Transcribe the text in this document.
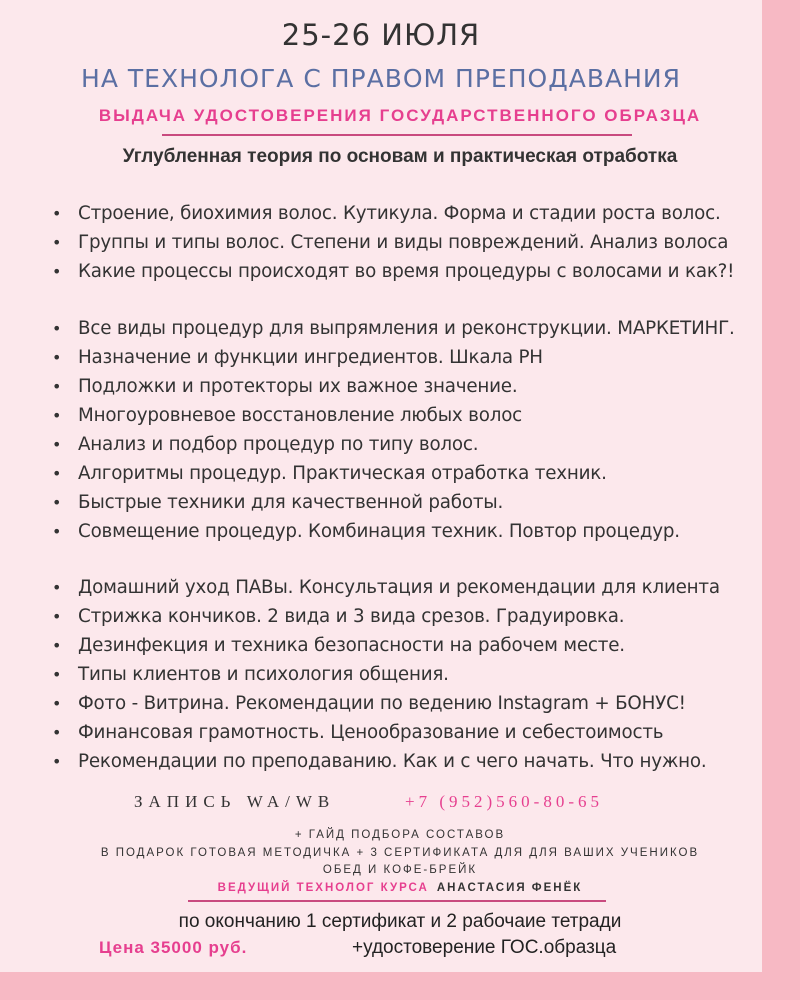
25-26 ИЮЛЯ
НА ТЕХНОЛОГА С ПРАВОМ ПРЕПОДАВАНИЯ
ВЫДАЧА УДОСТОВЕРЕНИЯ ГОСУДАРСТВЕННОГО ОБРАЗЦА
Углубленная теория по основам и практическая отработка
• Строение, биохимия волос. Кутикула. Форма и стадии роста волос.
• Группы и типы волос. Степени и виды повреждений. Анализ волоса
• Какие процессы происходят во время процедуры с волосами и как?!
• Все виды процедур для выпрямления и реконструкции. МАРКЕТИНГ.
• Назначение и функции ингредиентов. Шкала PH
• Подложки и протекторы их важное значение.
• Многоуровневое восстановление любых волос
• Анализ и подбор процедур по типу волос.
• Алгоритмы процедур. Практическая отработка техник.
• Быстрые техники для качественной работы.
• Совмещение процедур. Комбинация техник. Повтор процедур.
• Домашний уход ПАВы. Консультация и рекомендации для клиента
• Стрижка кончиков. 2 вида и 3 вида срезов. Градуировка.
• Дезинфекция и техника безопасности на рабочем месте.
• Типы клиентов и психология общения.
• Фото - Витрина. Рекомендации по ведению Instagram + БОНУС!
• Финансовая грамотность. Ценообразование и себестоимость
• Рекомендации по преподаванию. Как и с чего начать. Что нужно.
ЗАПИСЬ WA/WB	+7 (952)560-80-65
+ ГАЙД ПОДБОРА СОСТАВОВ
В ПОДАРОК ГОТОВАЯ МЕТОДИЧКА + 3 СЕРТИФИКАТА ДЛЯ ДЛЯ ВАШИХ УЧЕНИКОВ
ОБЕД И КОФЕ-БРЕЙК
ВЕДУЩИЙ ТЕХНОЛОГ КУРСА АНАСТАСИЯ ФЕНЁК
по окончанию 1 сертификат и 2 рабочаие тетради
Цена 35000 руб.	+удостоверение ГОС.образца
